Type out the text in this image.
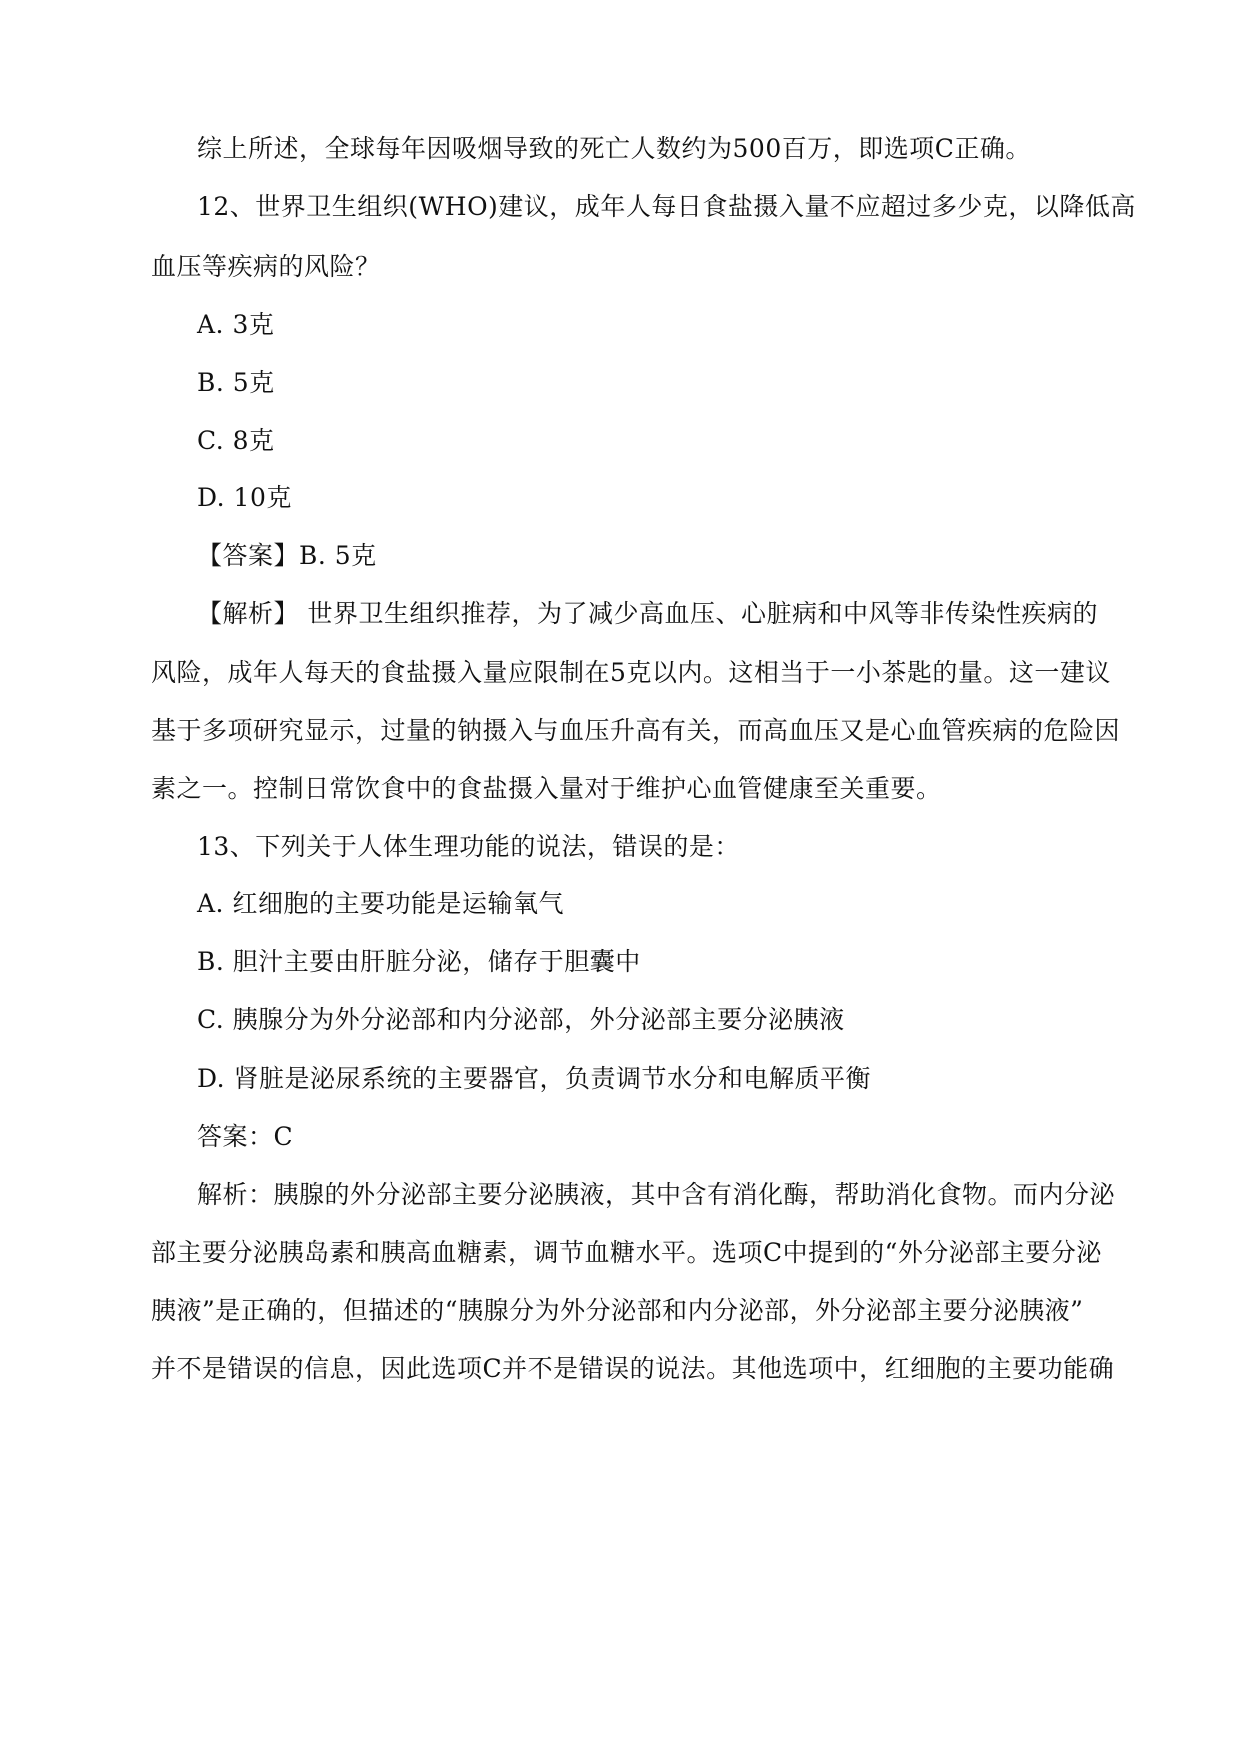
综上所述，全球每年因吸烟导致的死亡人数约为500百万，即选项C正确。
12、世界卫生组织(WHO)建议，成年人每日食盐摄入量不应超过多少克，以降低高
血压等疾病的风险？
A. 3克
B. 5克
C. 8克
D. 10克
【答案】B. 5克
【解析】 世界卫生组织推荐，为了减少高血压、心脏病和中风等非传染性疾病的
风险，成年人每天的食盐摄入量应限制在5克以内。这相当于一小茶匙的量。这一建议
基于多项研究显示，过量的钠摄入与血压升高有关，而高血压又是心血管疾病的危险因
素之一。控制日常饮食中的食盐摄入量对于维护心血管健康至关重要。
13、下列关于人体生理功能的说法，错误的是：
A. 红细胞的主要功能是运输氧气
B. 胆汁主要由肝脏分泌，储存于胆囊中
C. 胰腺分为外分泌部和内分泌部，外分泌部主要分泌胰液
D. 肾脏是泌尿系统的主要器官，负责调节水分和电解质平衡
答案：C
解析：胰腺的外分泌部主要分泌胰液，其中含有消化酶，帮助消化食物。而内分泌
部主要分泌胰岛素和胰高血糖素，调节血糖水平。选项C中提到的“外分泌部主要分泌
胰液”是正确的，但描述的“胰腺分为外分泌部和内分泌部，外分泌部主要分泌胰液”
并不是错误的信息，因此选项C并不是错误的说法。其他选项中，红细胞的主要功能确
